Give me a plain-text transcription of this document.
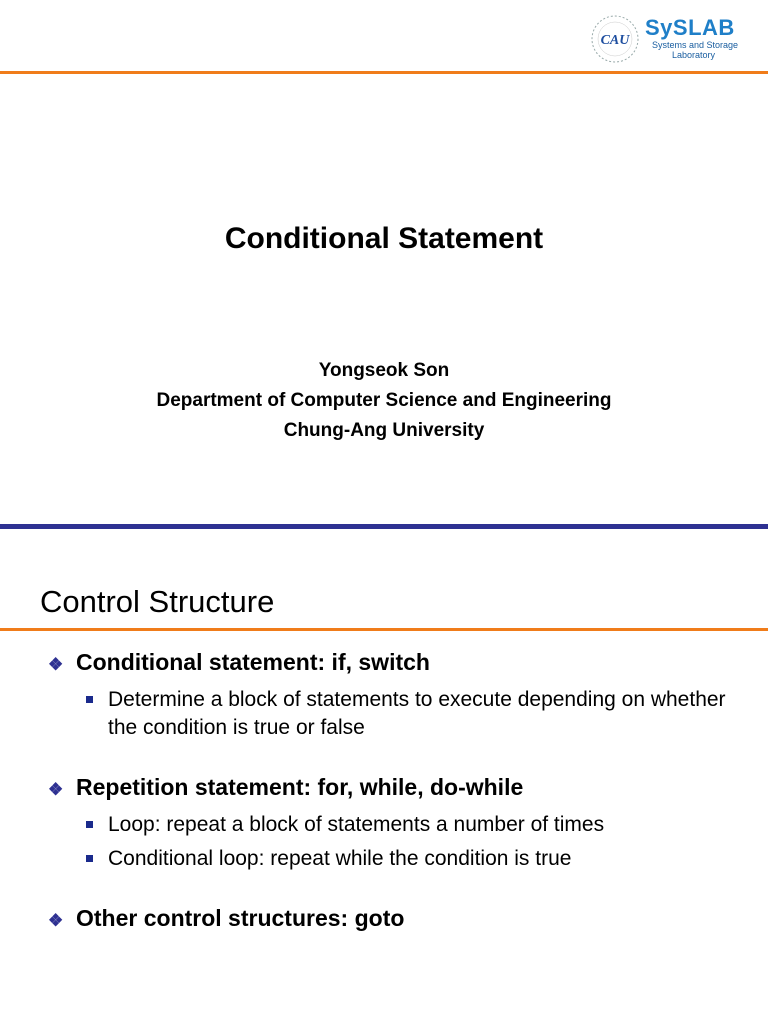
CAU
SySLAB
Systems and Storage
Laboratory
Conditional Statement
Yongseok Son
Department of Computer Science and Engineering
Chung-Ang University
Control Structure
❖ Conditional statement: if, switch
Determine a block of statements to execute depending on whether the condition is true or false
❖ Repetition statement: for, while, do-while
Loop: repeat a block of statements a number of times
Conditional loop: repeat while the condition is true
❖ Other control structures: goto
